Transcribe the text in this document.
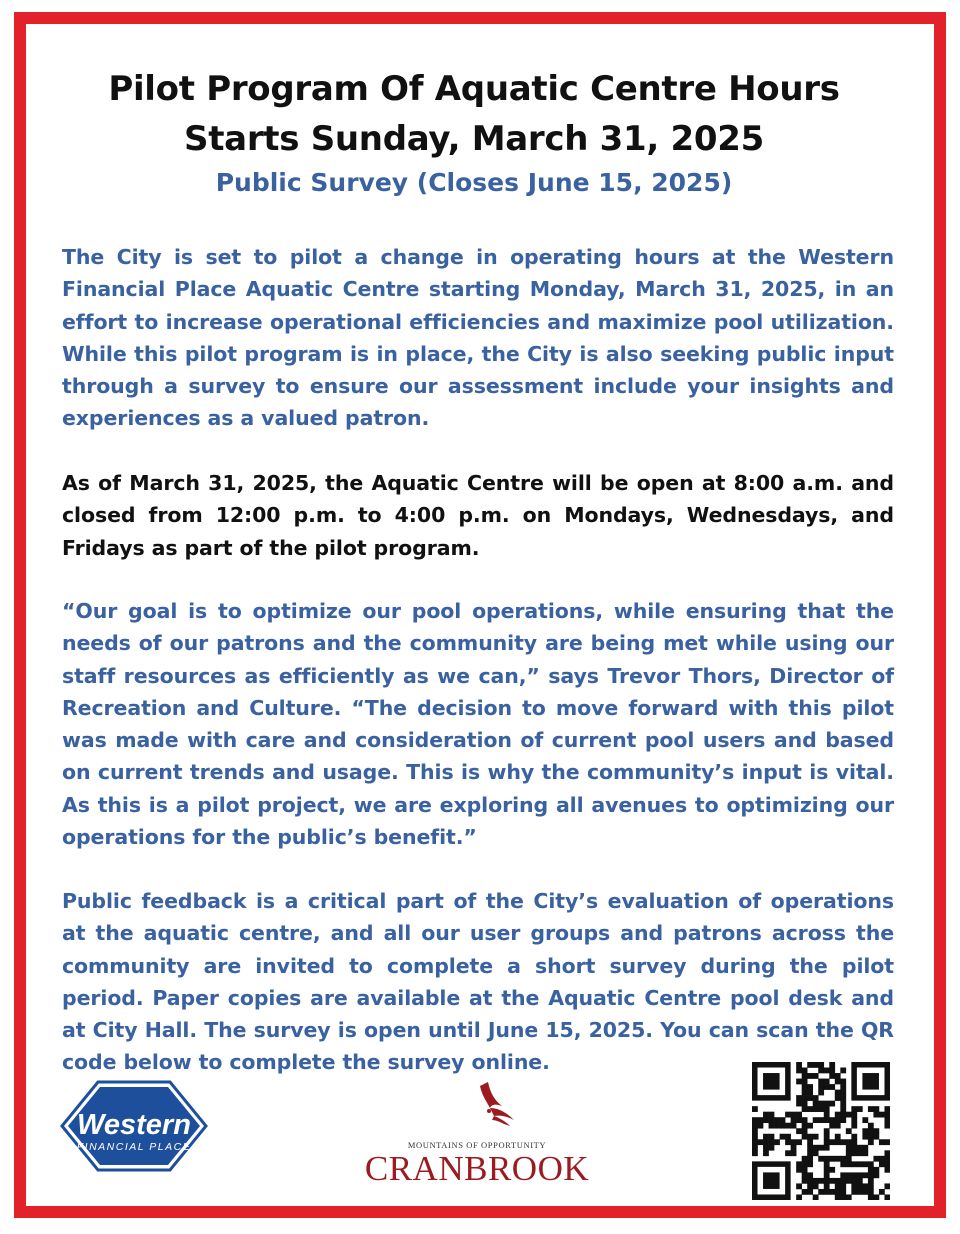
Pilot Program Of Aquatic Centre Hours
Starts Sunday, March 31, 2025
Public Survey (Closes June 15, 2025)

The City is set to pilot a change in operating hours at the Western Financial Place Aquatic Centre starting Monday, March 31, 2025, in an effort to increase operational efficiencies and maximize pool utilization. While this pilot program is in place, the City is also seeking public input through a survey to ensure our assessment include your insights and experiences as a valued patron.

As of March 31, 2025, the Aquatic Centre will be open at 8:00 a.m. and closed from 12:00 p.m. to 4:00 p.m. on Mondays, Wednesdays, and Fridays as part of the pilot program.

“Our goal is to optimize our pool operations, while ensuring that the needs of our patrons and the community are being met while using our staff resources as efficiently as we can,” says Trevor Thors, Director of Recreation and Culture. “The decision to move forward with this pilot was made with care and consideration of current pool users and based on current trends and usage. This is why the community’s input is vital. As this is a pilot project, we are exploring all avenues to optimizing our operations for the public’s benefit.”

Public feedback is a critical part of the City’s evaluation of operations at the aquatic centre, and all our user groups and patrons across the community are invited to complete a short survey during the pilot period. Paper copies are available at the Aquatic Centre pool desk and at City Hall. The survey is open until June 15, 2025. You can scan the QR code below to complete the survey online.

Western
FINANCIAL PLACE	MOUNTAINS OF OPPORTUNITY
CRANBROOK
